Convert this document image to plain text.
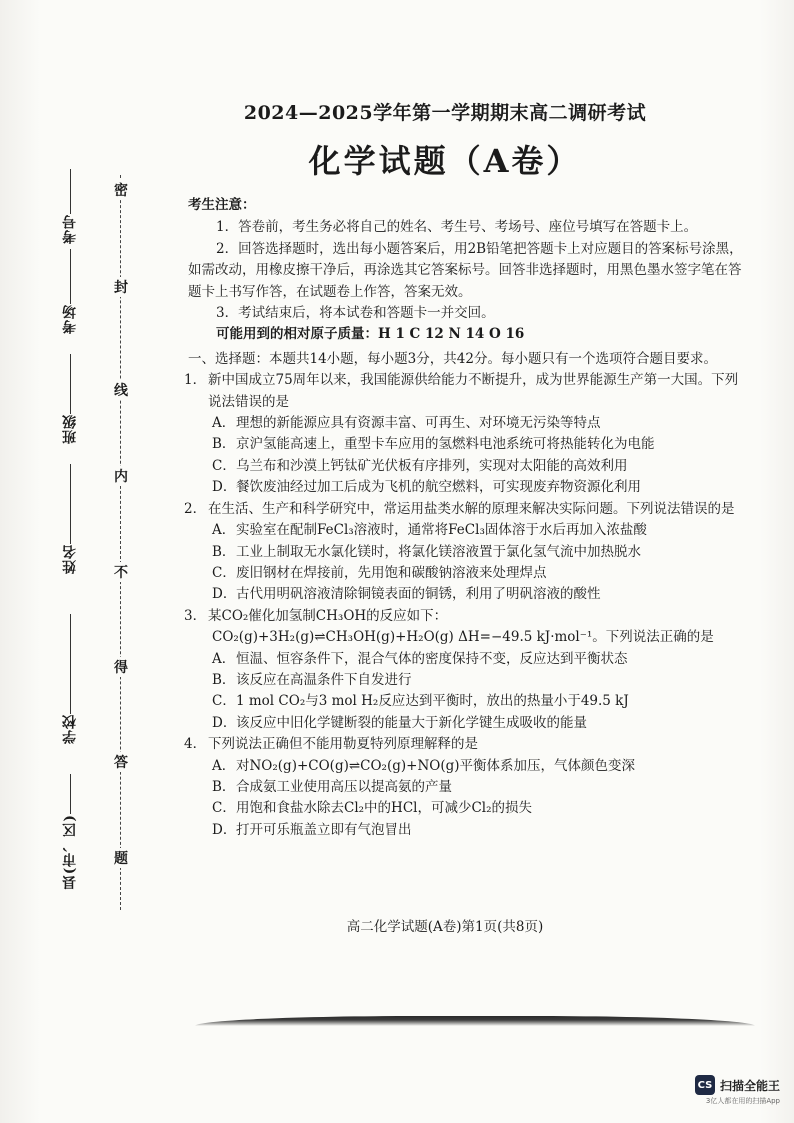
密
封
线
内
不
得
答
题
考号
考场
班级
姓名
学校
县(市、区)
2024—2025学年第一学期期末高二调研考试
化学试题（A卷）
考生注意：

1．答卷前，考生务必将自己的姓名、考生号、考场号、座位号填写在答题卡上。

2．回答选择题时，选出每小题答案后，用2B铅笔把答题卡上对应题目的答案标号涂黑，如需改动，用橡皮擦干净后，再涂选其它答案标号。回答非选择题时，用黑色墨水签字笔在答题卡上书写作答，在试题卷上作答，答案无效。

3．考试结束后，将本试卷和答题卡一并交回。

可能用到的相对原子质量：H 1 C 12 N 14 O 16

一、选择题：本题共14小题，每小题3分，共42分。每小题只有一个选项符合题目要求。

1． 新中国成立75周年以来，我国能源供给能力不断提升，成为世界能源生产第一大国。下列说法错误的是
A． 理想的新能源应具有资源丰富、可再生、对环境无污染等特点
B． 京沪氢能高速上，重型卡车应用的氢燃料电池系统可将热能转化为电能
C． 乌兰布和沙漠上钙钛矿光伏板有序排列，实现对太阳能的高效利用
D． 餐饮废油经过加工后成为飞机的航空燃料，可实现废弃物资源化利用
2． 在生活、生产和科学研究中，常运用盐类水解的原理来解决实际问题。下列说法错误的是
A． 实验室在配制FeCl₃溶液时，通常将FeCl₃固体溶于水后再加入浓盐酸
B． 工业上制取无水氯化镁时，将氯化镁溶液置于氯化氢气流中加热脱水
C． 废旧钢材在焊接前，先用饱和碳酸钠溶液来处理焊点
D． 古代用明矾溶液清除铜镜表面的铜锈，利用了明矾溶液的酸性
3． 某CO₂催化加氢制CH₃OH的反应如下：

CO₂(g)+3H₂(g)⇌CH₃OH(g)+H₂O(g) ΔH=−49.5 kJ·mol⁻¹。下列说法正确的是

A． 恒温、恒容条件下，混合气体的密度保持不变，反应达到平衡状态
B． 该反应在高温条件下自发进行
C． 1 mol CO₂与3 mol H₂反应达到平衡时，放出的热量小于49.5 kJ
D． 该反应中旧化学键断裂的能量大于新化学键生成吸收的能量
4． 下列说法正确但不能用勒夏特列原理解释的是
A． 对NO₂(g)+CO(g)⇌CO₂(g)+NO(g)平衡体系加压，气体颜色变深
B． 合成氨工业使用高压以提高氨的产量
C． 用饱和食盐水除去Cl₂中的HCl，可减少Cl₂的损失
D． 打开可乐瓶盖立即有气泡冒出
高二化学试题(A卷)第1页(共8页)
CS 扫描全能王
3亿人都在用的扫描App
